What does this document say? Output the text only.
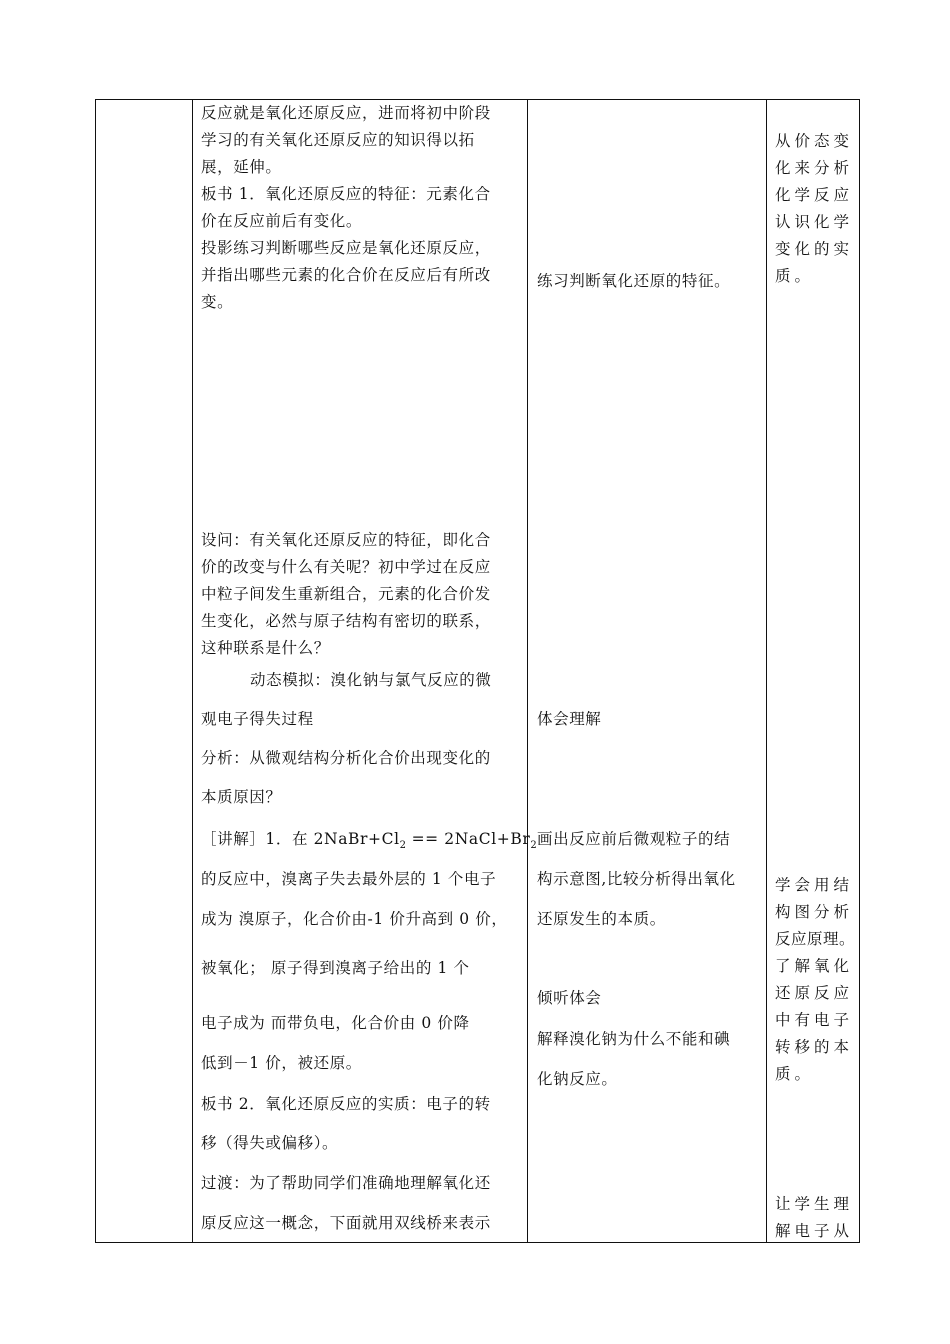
反应就是氧化还原反应，进而将初中阶段
学习的有关氧化还原反应的知识得以拓
展，延伸。
板书 1．氧化还原反应的特征：元素化合
价在反应前后有变化。
投影练习判断哪些反应是氧化还原反应，
并指出哪些元素的化合价在反应后有所改
变。
设问：有关氧化还原反应的特征，即化合
价的改变与什么有关呢？初中学过在反应
中粒子间发生重新组合，元素的化合价发
生变化，必然与原子结构有密切的联系，
这种联系是什么？
动态模拟：溴化钠与氯气反应的微
观电子得失过程
分析：从微观结构分析化合价出现变化的
本质原因？
［讲解］1．在 $2NaBr+Cl_2$ == $2NaCl+Br_2$
的反应中，溴离子失去最外层的 1 个电子
成为 溴原子，化合价由-1 价升高到 0 价，
被氧化； 原子得到溴离子给出的 1 个
电子成为 而带负电，化合价由 0 价降
低到－1 价，被还原。
板书 2．氧化还原反应的实质：电子的转
移（得失或偏移）。
过渡：为了帮助同学们准确地理解氧化还
原反应这一概念，下面就用双线桥来表示
练习判断氧化还原的特征。
体会理解
画出反应前后微观粒子的结
构示意图,比较分析得出氧化
还原发生的本质。
倾听体会
解释溴化钠为什么不能和碘
化钠反应。
从价态变
化来分析
化学反应
认识化学
变化的实
质。
学会用结
构图分析
反应原理。
了解氧化
还原反应
中有电子
转移的本
质。
让学生理
解电子从
